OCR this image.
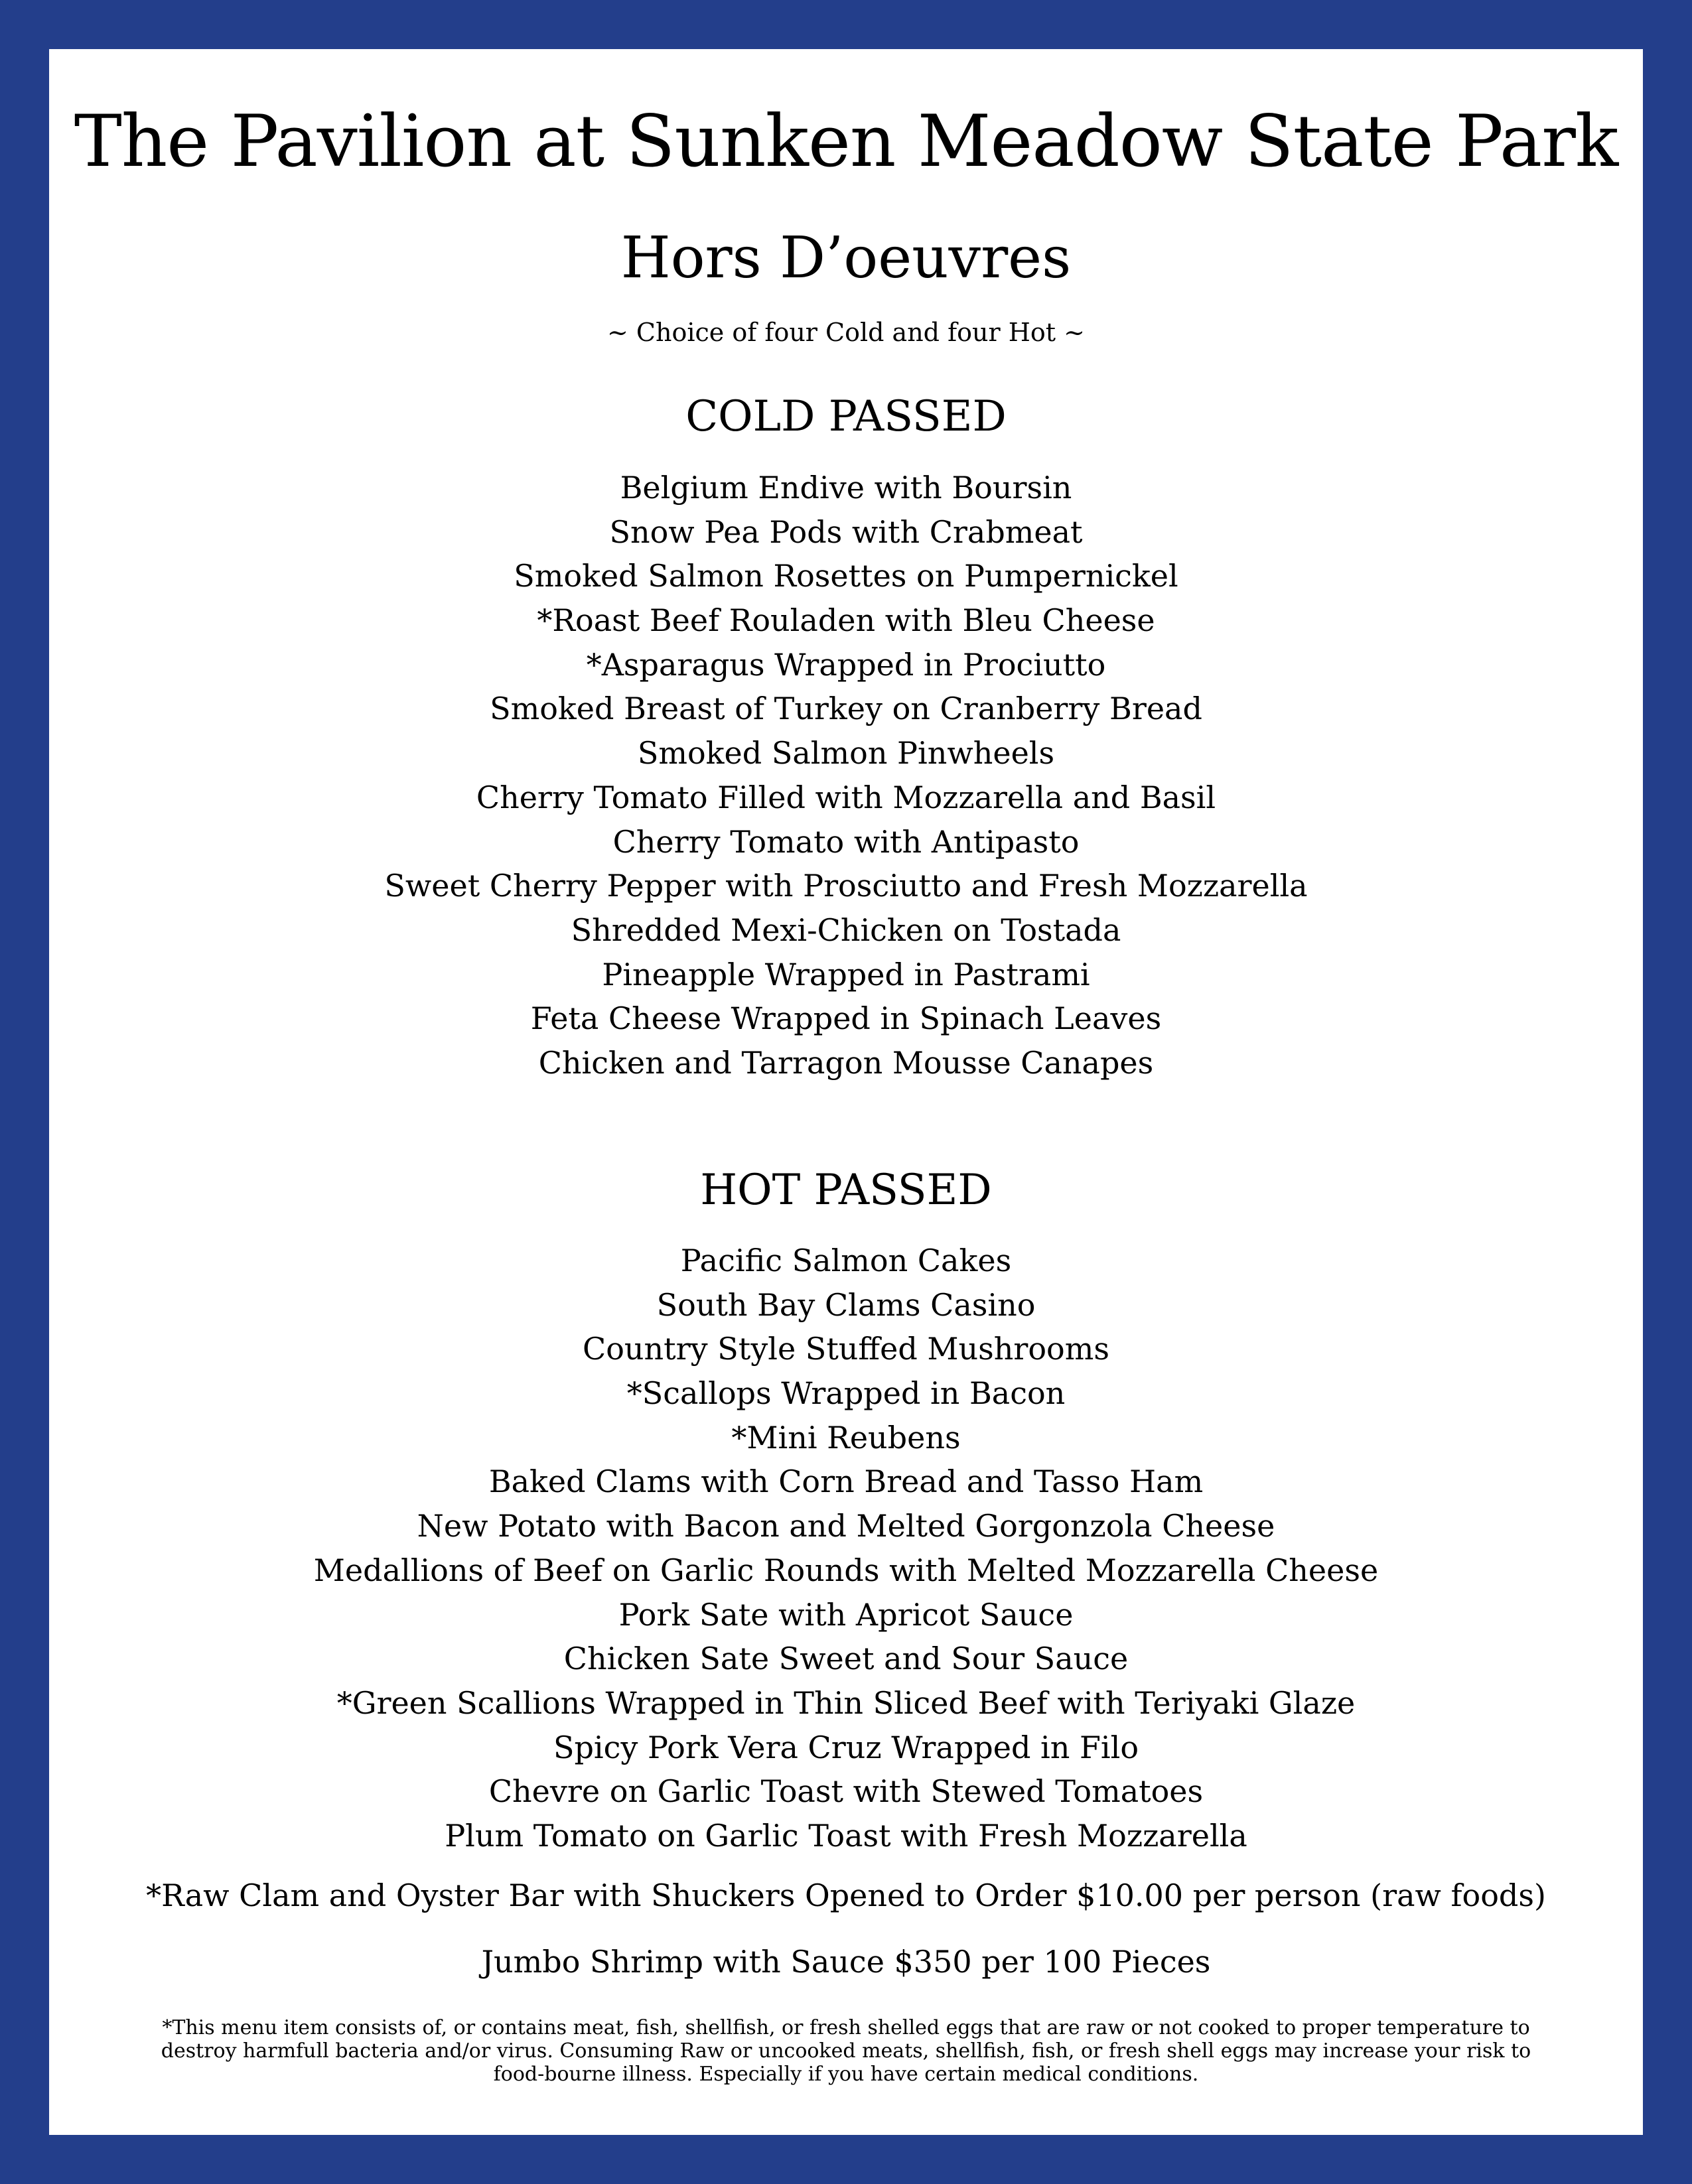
The Pavilion at Sunken Meadow State Park
Hors D’oeuvres
~ Choice of four Cold and four Hot ~
COLD PASSED
Belgium Endive with Boursin
Snow Pea Pods with Crabmeat
Smoked Salmon Rosettes on Pumpernickel
*Roast Beef Rouladen with Bleu Cheese
*Asparagus Wrapped in Prociutto
Smoked Breast of Turkey on Cranberry Bread
Smoked Salmon Pinwheels
Cherry Tomato Filled with Mozzarella and Basil
Cherry Tomato with Antipasto
Sweet Cherry Pepper with Prosciutto and Fresh Mozzarella
Shredded Mexi-Chicken on Tostada
Pineapple Wrapped in Pastrami
Feta Cheese Wrapped in Spinach Leaves
Chicken and Tarragon Mousse Canapes
HOT PASSED
Pacific Salmon Cakes
South Bay Clams Casino
Country Style Stuffed Mushrooms
*Scallops Wrapped in Bacon
*Mini Reubens
Baked Clams with Corn Bread and Tasso Ham
New Potato with Bacon and Melted Gorgonzola Cheese
Medallions of Beef on Garlic Rounds with Melted Mozzarella Cheese
Pork Sate with Apricot Sauce
Chicken Sate Sweet and Sour Sauce
*Green Scallions Wrapped in Thin Sliced Beef with Teriyaki Glaze
Spicy Pork Vera Cruz Wrapped in Filo
Chevre on Garlic Toast with Stewed Tomatoes
Plum Tomato on Garlic Toast with Fresh Mozzarella
*Raw Clam and Oyster Bar with Shuckers Opened to Order $10.00 per person (raw foods)
Jumbo Shrimp with Sauce $350 per 100 Pieces

*This menu item consists of, or contains meat, fish, shellfish, or fresh shelled eggs that are raw or not cooked to proper temperature to destroy harmfull bacteria and/or virus. Consuming Raw or uncooked meats, shellfish, fish, or fresh shell eggs may increase your risk to food-bourne illness. Especially if you have certain medical conditions.
